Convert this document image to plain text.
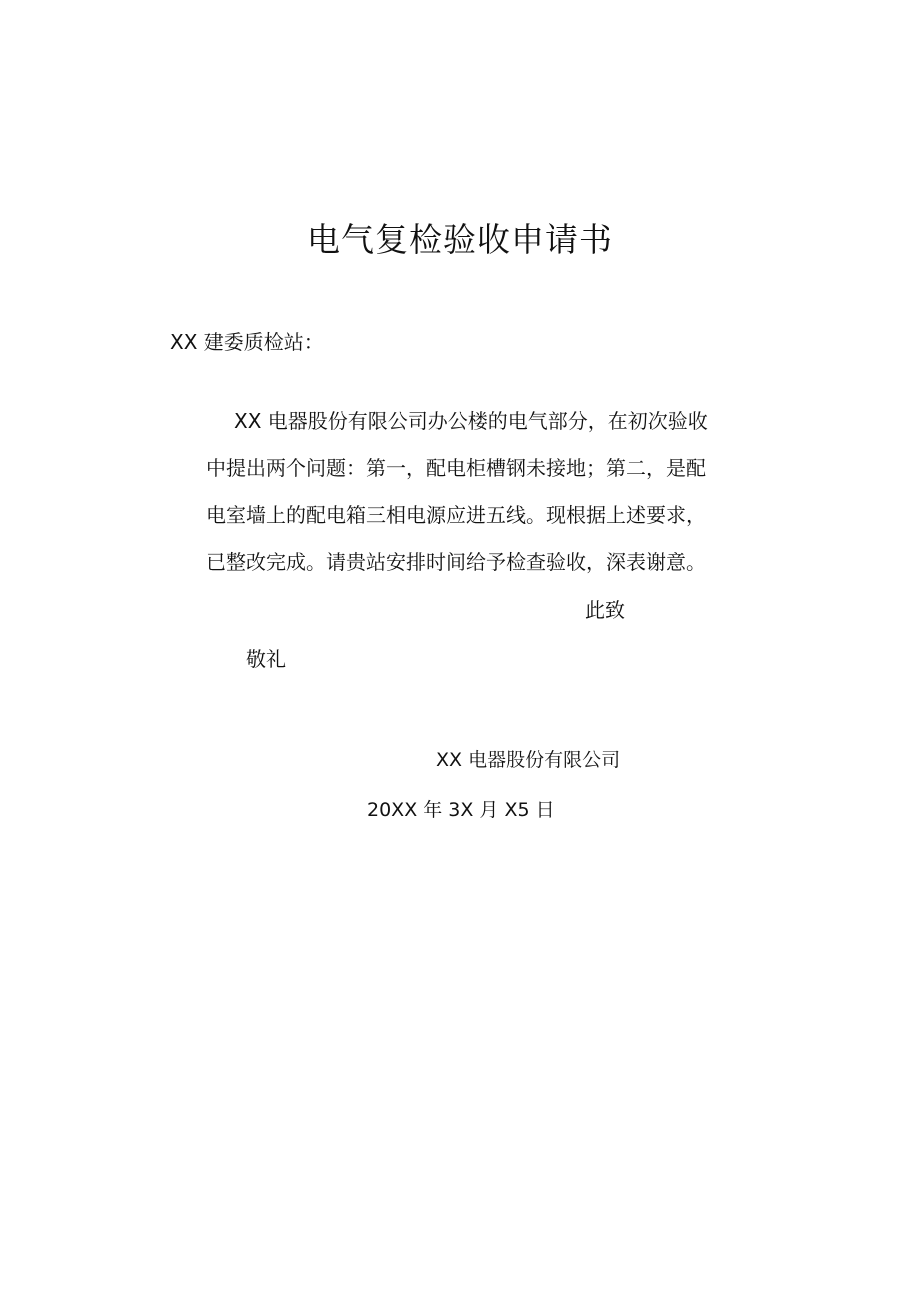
电气复检验收申请书

XX 建委质检站：

XX 电器股份有限公司办公楼的电气部分，在初次验收
中提出两个问题：第一，配电柜槽钢未接地；第二，是配
电室墙上的配电箱三相电源应进五线。现根据上述要求，
已整改完成。请贵站安排时间给予检查验收，深表谢意。

此致

敬礼

XX 电器股份有限公司

20XX 年 3X 月 X5 日
